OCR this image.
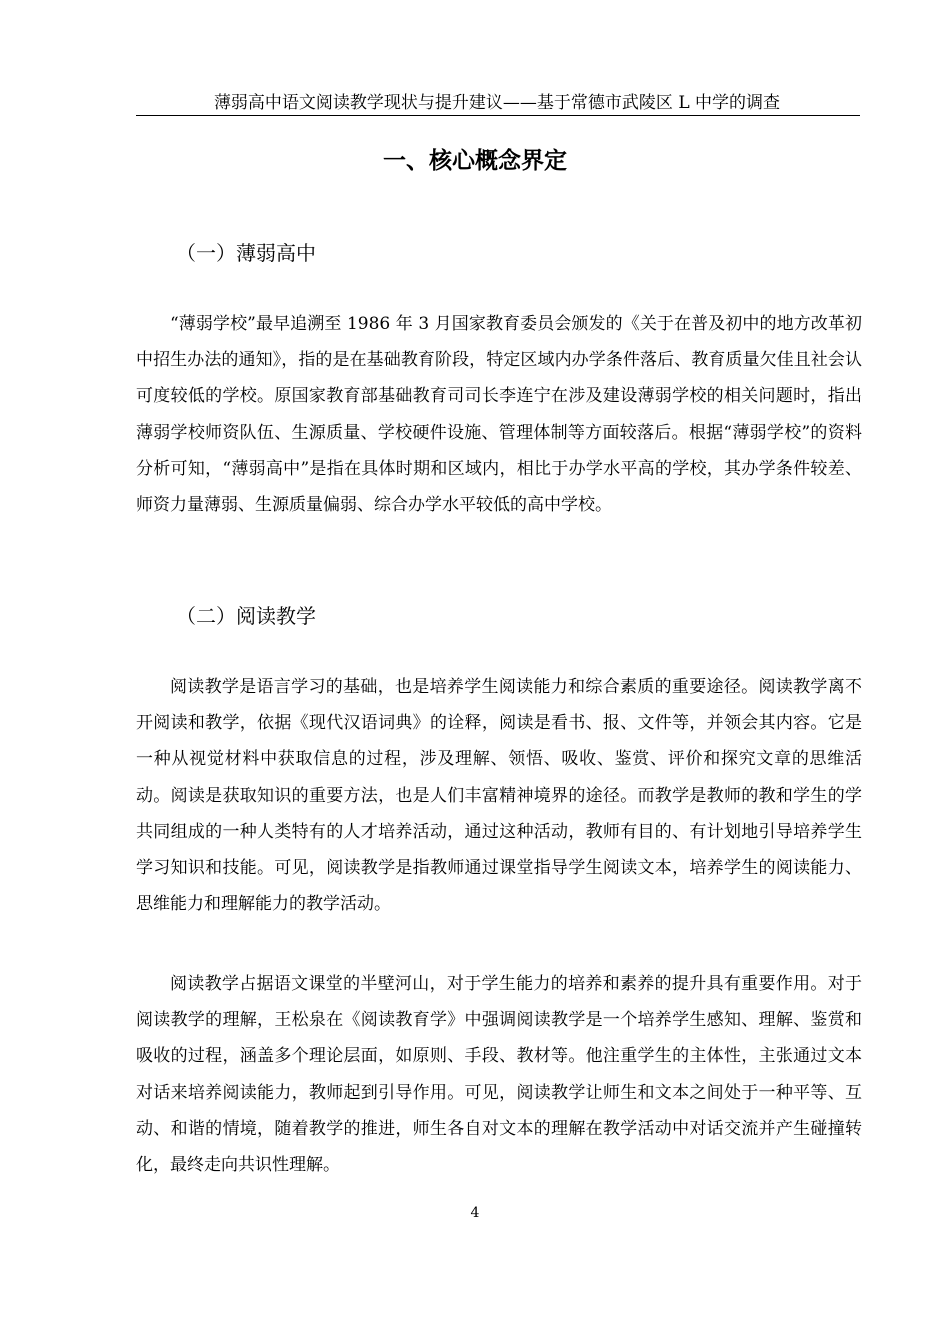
薄弱高中语文阅读教学现状与提升建议——基于常德市武陵区 L 中学的调查
一、核心概念界定
（一）薄弱高中

“薄弱学校”最早追溯至 1986 年 3 月国家教育委员会颁发的《关于在普及初中的地方改革初中招生办法的通知》，指的是在基础教育阶段，特定区域内办学条件落后、教育质量欠佳且社会认可度较低的学校。原国家教育部基础教育司司长李连宁在涉及建设薄弱学校的相关问题时，指出薄弱学校师资队伍、生源质量、学校硬件设施、管理体制等方面较落后。根据“薄弱学校”的资料分析可知，“薄弱高中”是指在具体时期和区域内，相比于办学水平高的学校，其办学条件较差、师资力量薄弱、生源质量偏弱、综合办学水平较低的高中学校。

（二）阅读教学

阅读教学是语言学习的基础，也是培养学生阅读能力和综合素质的重要途径。阅读教学离不开阅读和教学，依据《现代汉语词典》的诠释，阅读是看书、报、文件等，并领会其内容。它是一种从视觉材料中获取信息的过程，涉及理解、领悟、吸收、鉴赏、评价和探究文章的思维活动。阅读是获取知识的重要方法，也是人们丰富精神境界的途径。而教学是教师的教和学生的学共同组成的一种人类特有的人才培养活动，通过这种活动，教师有目的、有计划地引导培养学生学习知识和技能。可见，阅读教学是指教师通过课堂指导学生阅读文本，培养学生的阅读能力、思维能力和理解能力的教学活动。

阅读教学占据语文课堂的半壁河山，对于学生能力的培养和素养的提升具有重要作用。对于阅读教学的理解，王松泉在《阅读教育学》中强调阅读教学是一个培养学生感知、理解、鉴赏和吸收的过程，涵盖多个理论层面，如原则、手段、教材等。他注重学生的主体性，主张通过文本对话来培养阅读能力，教师起到引导作用。可见，阅读教学让师生和文本之间处于一种平等、互动、和谐的情境，随着教学的推进，师生各自对文本的理解在教学活动中对话交流并产生碰撞转化，最终走向共识性理解。

4
